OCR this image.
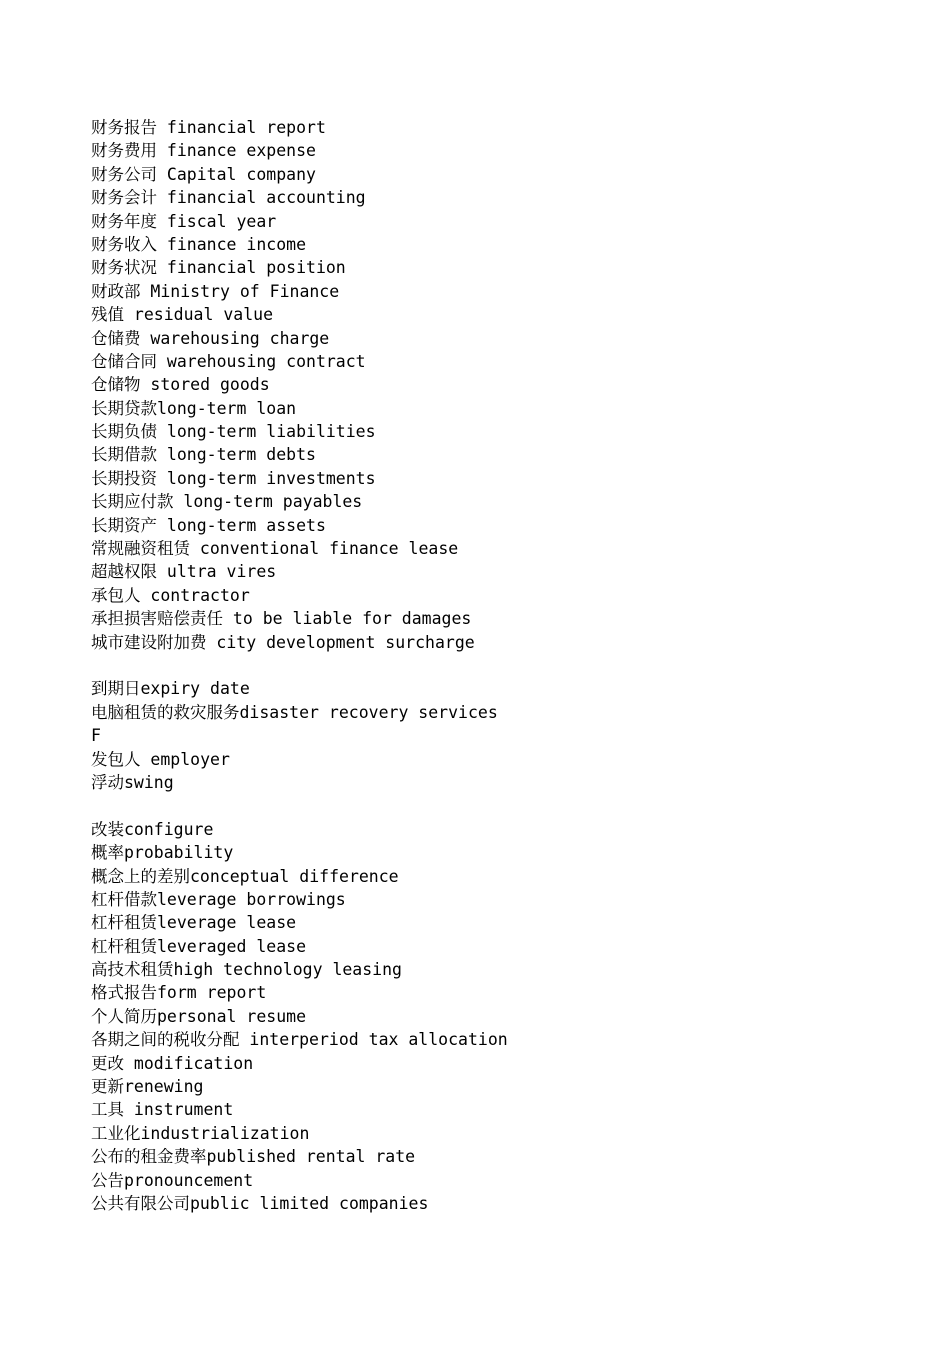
财务报告 financial report
财务费用 finance expense
财务公司 Capital company
财务会计 financial accounting
财务年度 fiscal year
财务收入 finance income
财务状况 financial position
财政部 Ministry of Finance
残值 residual value
仓储费 warehousing charge
仓储合同 warehousing contract
仓储物 stored goods
长期贷款long-term loan
长期负债 long-term liabilities
长期借款 long-term debts
长期投资 long-term investments
长期应付款 long-term payables
长期资产 long-term assets
常规融资租赁 conventional finance lease
超越权限 ultra vires
承包人 contractor
承担损害赔偿责任 to be liable for damages
城市建设附加费 city development surcharge
到期日expiry date
电脑租赁的救灾服务disaster recovery services
F
发包人 employer
浮动swing
改装configure
概率probability
概念上的差别conceptual difference
杠杆借款leverage borrowings
杠杆租赁leverage lease
杠杆租赁leveraged lease
高技术租赁high technology leasing
格式报告form report
个人简历personal resume
各期之间的税收分配 interperiod tax allocation
更改 modification
更新renewing
工具 instrument
工业化industrialization
公布的租金费率published rental rate
公告pronouncement
公共有限公司public limited companies
